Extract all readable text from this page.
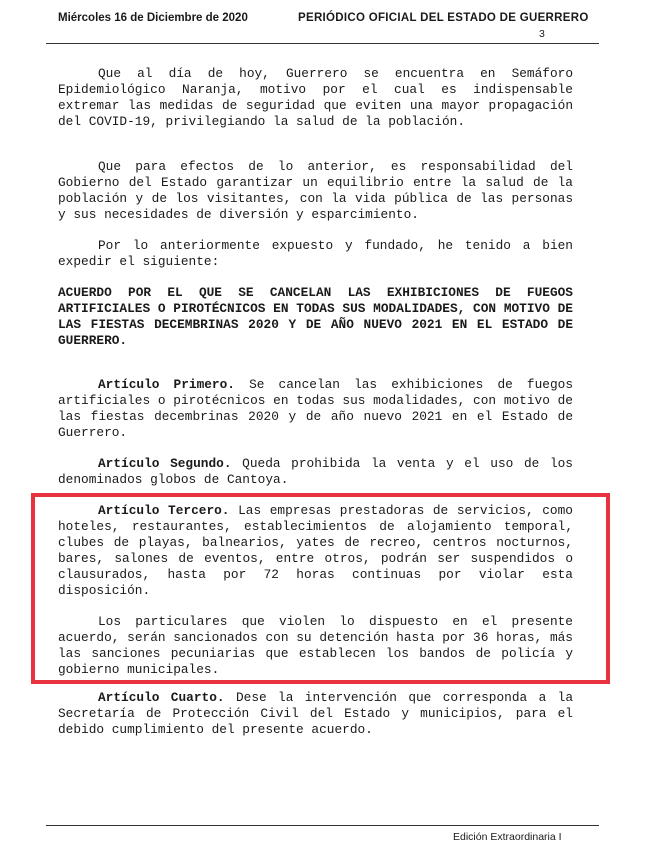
Miércoles 16 de Diciembre de 2020	PERIÓDICO OFICIAL DEL ESTADO DE GUERRERO
3

Que al día de hoy, Guerrero se encuentra en Semáforo Epidemiológico Naranja, motivo por el cual es indispensable extremar las medidas de seguridad que eviten una mayor propagación del COVID-19, privilegiando la salud de la población.

Que para efectos de lo anterior, es responsabilidad del Gobierno del Estado garantizar un equilibrio entre la salud de la población y de los visitantes, con la vida pública de las personas y sus necesidades de diversión y esparcimiento.

Por lo anteriormente expuesto y fundado, he tenido a bien expedir el siguiente:

ACUERDO POR EL QUE SE CANCELAN LAS EXHIBICIONES DE FUEGOS ARTIFICIALES O PIROTÉCNICOS EN TODAS SUS MODALIDADES, CON MOTIVO DE LAS FIESTAS DECEMBRINAS 2020 Y DE AÑO NUEVO 2021 EN EL ESTADO DE GUERRERO.

Artículo Primero. Se cancelan las exhibiciones de fuegos artificiales o pirotécnicos en todas sus modalidades, con motivo de las fiestas decembrinas 2020 y de año nuevo 2021 en el Estado de Guerrero.

Artículo Segundo. Queda prohibida la venta y el uso de los denominados globos de Cantoya.

Artículo Tercero. Las empresas prestadoras de servicios, como hoteles, restaurantes, establecimientos de alojamiento temporal, clubes de playas, balnearios, yates de recreo, centros nocturnos, bares, salones de eventos, entre otros, podrán ser suspendidos o clausurados, hasta por 72 horas continuas por violar esta disposición.

Los particulares que violen lo dispuesto en el presente acuerdo, serán sancionados con su detención hasta por 36 horas, más las sanciones pecuniarias que establecen los bandos de policía y gobierno municipales.

Artículo Cuarto. Dese la intervención que corresponda a la Secretaría de Protección Civil del Estado y municipios, para el debido cumplimiento del presente acuerdo.

Edición Extraordinaria I
